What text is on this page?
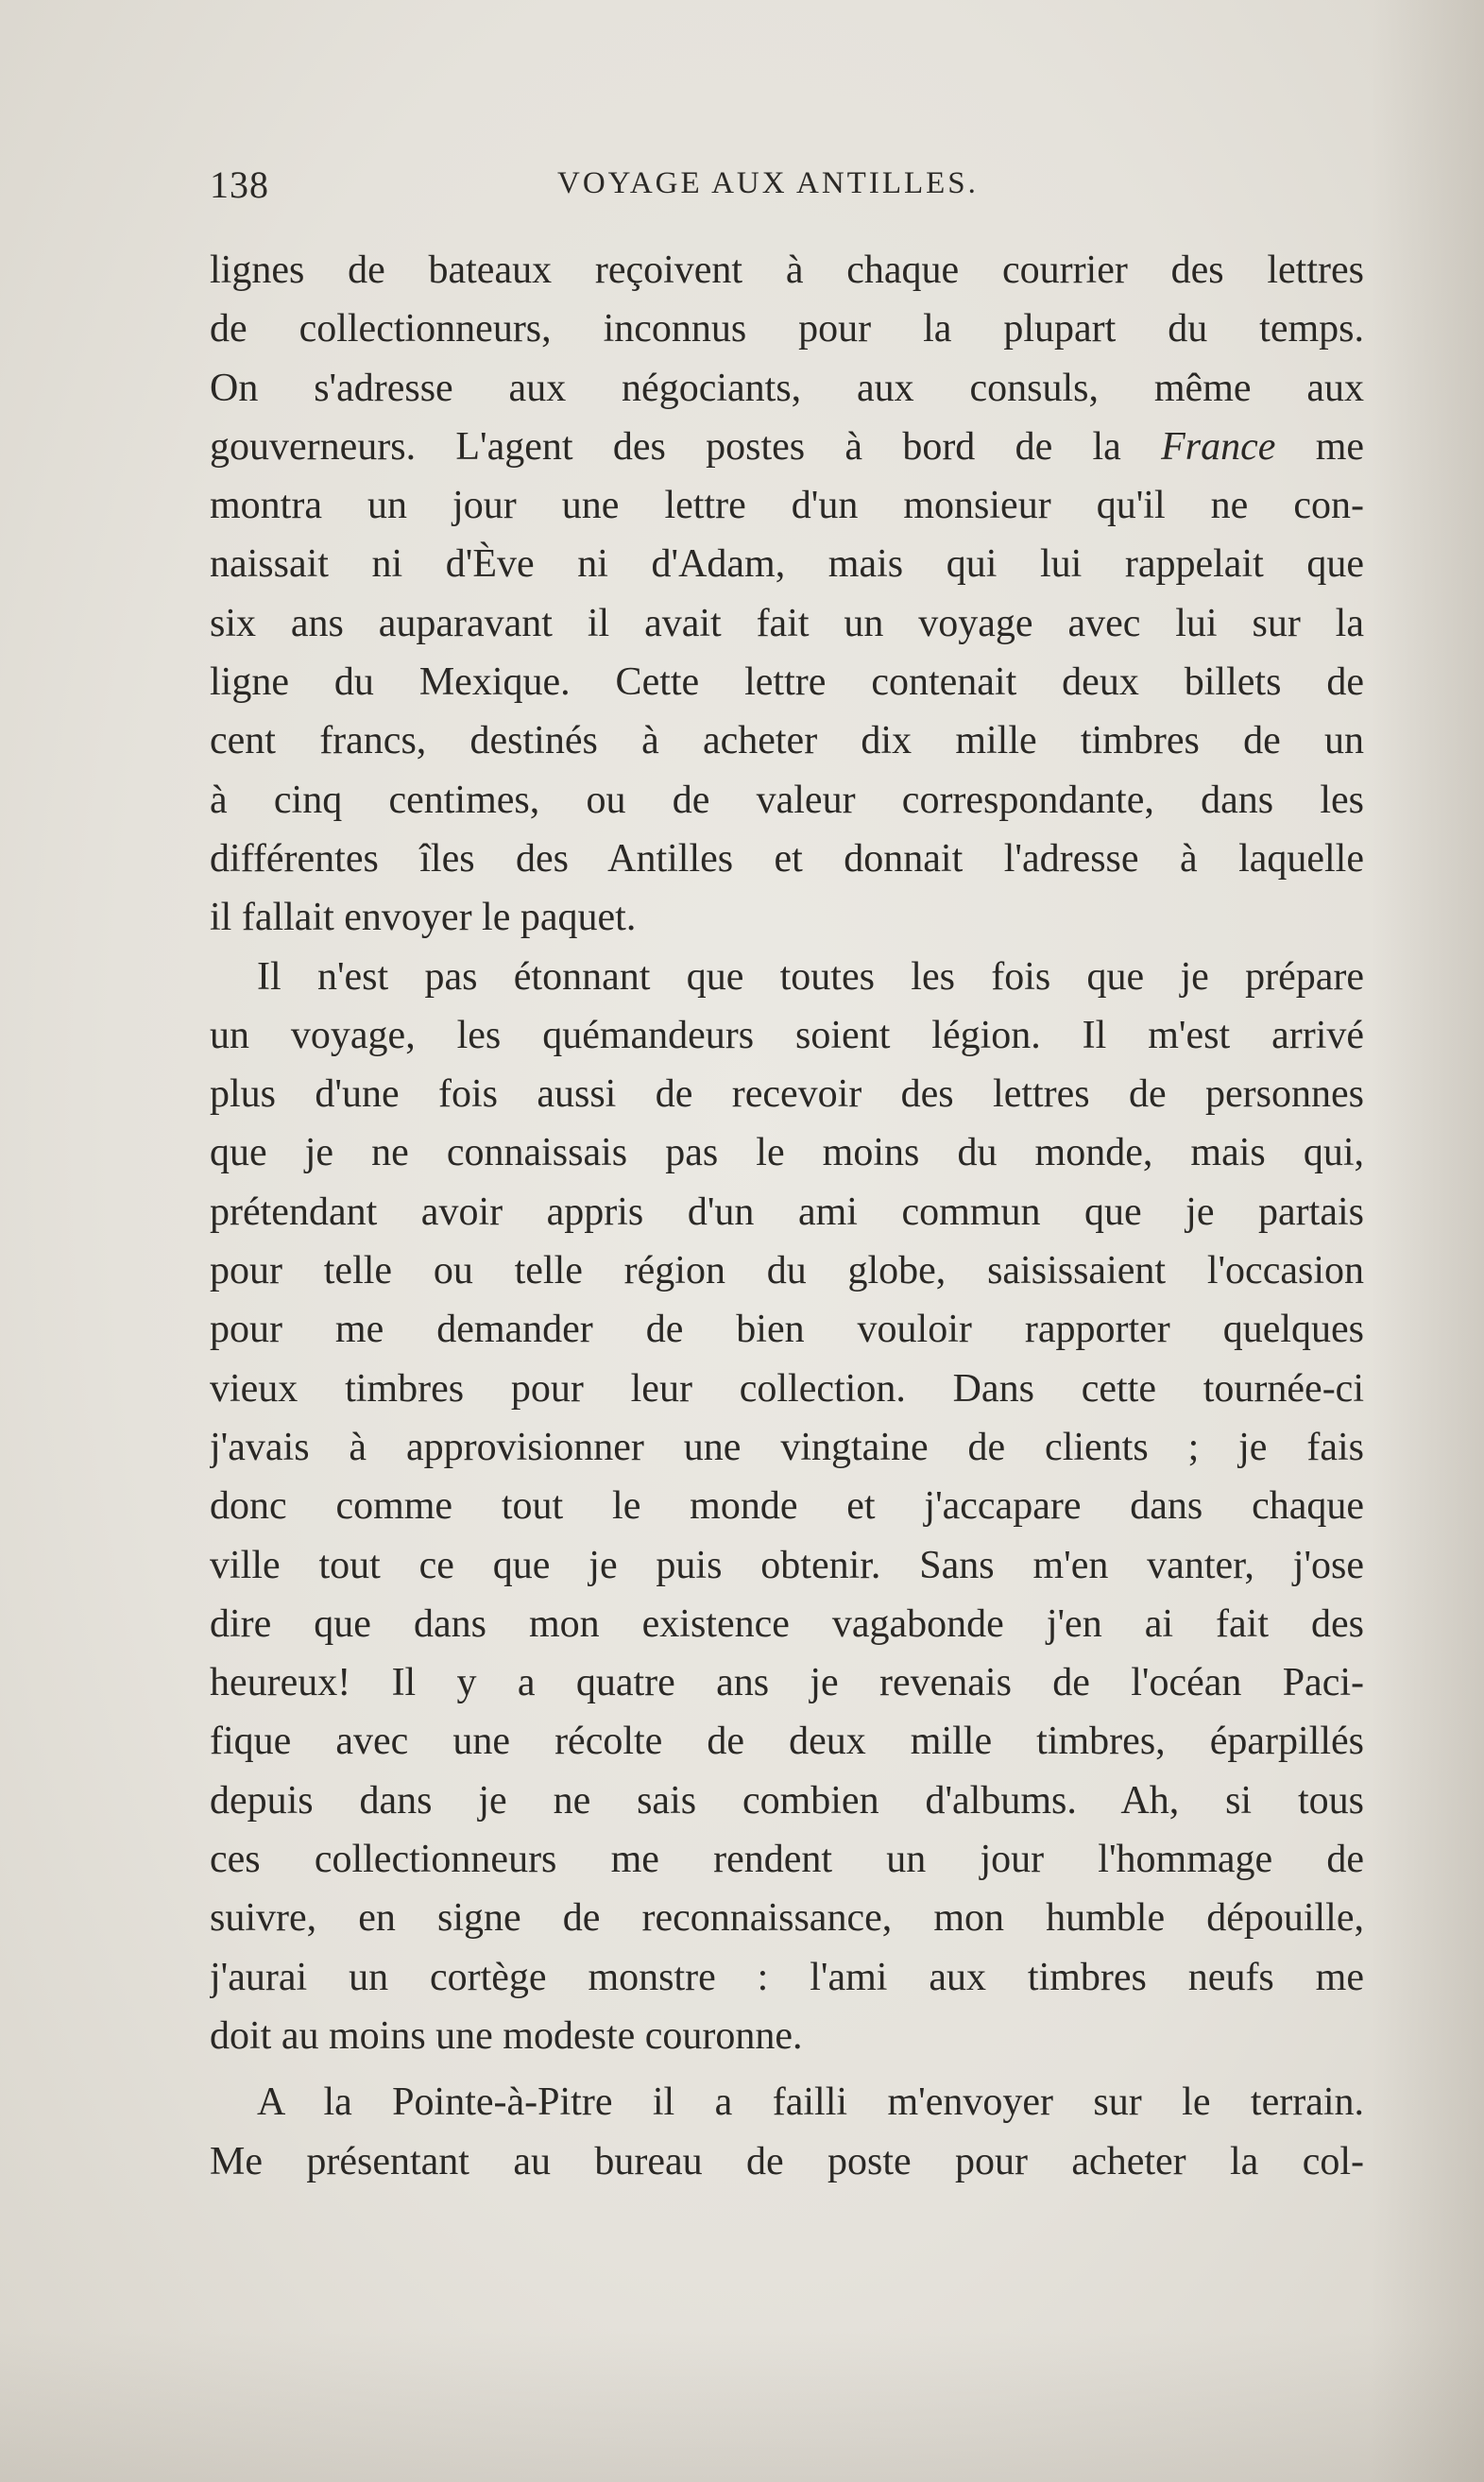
138	VOYAGE AUX ANTILLES.
lignes de bateaux reçoivent à chaque courrier des lettres
de collectionneurs, inconnus pour la plupart du temps.
On s'adresse aux négociants, aux consuls, même aux
gouverneurs. L'agent des postes à bord de la France me
montra un jour une lettre d'un monsieur qu'il ne con-
naissait ni d'Ève ni d'Adam, mais qui lui rappelait que
six ans auparavant il avait fait un voyage avec lui sur la
ligne du Mexique. Cette lettre contenait deux billets de
cent francs, destinés à acheter dix mille timbres de un
à cinq centimes, ou de valeur correspondante, dans les
différentes îles des Antilles et donnait l'adresse à laquelle
il fallait envoyer le paquet.
Il n'est pas étonnant que toutes les fois que je prépare
un voyage, les quémandeurs soient légion. Il m'est arrivé
plus d'une fois aussi de recevoir des lettres de personnes
que je ne connaissais pas le moins du monde, mais qui,
prétendant avoir appris d'un ami commun que je partais
pour telle ou telle région du globe, saisissaient l'occasion
pour me demander de bien vouloir rapporter quelques
vieux timbres pour leur collection. Dans cette tournée-ci
j'avais à approvisionner une vingtaine de clients ; je fais
donc comme tout le monde et j'accapare dans chaque
ville tout ce que je puis obtenir. Sans m'en vanter, j'ose
dire que dans mon existence vagabonde j'en ai fait des
heureux! Il y a quatre ans je revenais de l'océan Paci-
fique avec une récolte de deux mille timbres, éparpillés
depuis dans je ne sais combien d'albums. Ah, si tous
ces collectionneurs me rendent un jour l'hommage de
suivre, en signe de reconnaissance, mon humble dépouille,
j'aurai un cortège monstre : l'ami aux timbres neufs me
doit au moins une modeste couronne.
A la Pointe-à-Pitre il a failli m'envoyer sur le terrain.
Me présentant au bureau de poste pour acheter la col-
